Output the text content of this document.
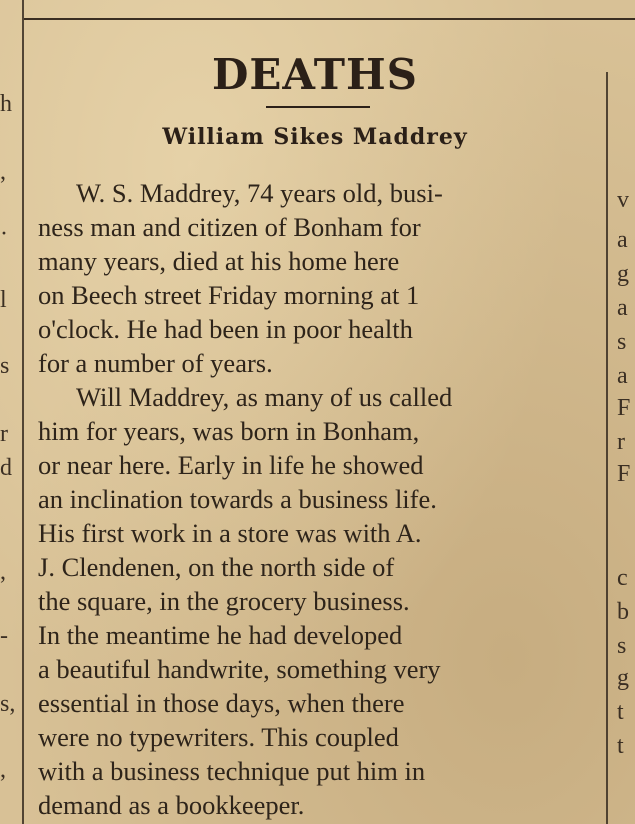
h
,
·
l
s
r
d
,
-
s,
,
v
a
g
a
s
a
F
r
F
c
b
s
g
t
t
DEATHS
William Sikes Maddrey
W. S. Maddrey, 74 years old, busi-
ness man and citizen of Bonham for
many years, died at his home here
on Beech street Friday morning at 1
o'clock. He had been in poor health
for a number of years.
Will Maddrey, as many of us called
him for years, was born in Bonham,
or near here. Early in life he showed
an inclination towards a business life.
His first work in a store was with A.
J. Clendenen, on the north side of
the square, in the grocery business.
In the meantime he had developed
a beautiful handwrite, something very
essential in those days, when there
were no typewriters. This coupled
with a business technique put him in
demand as a bookkeeper.
